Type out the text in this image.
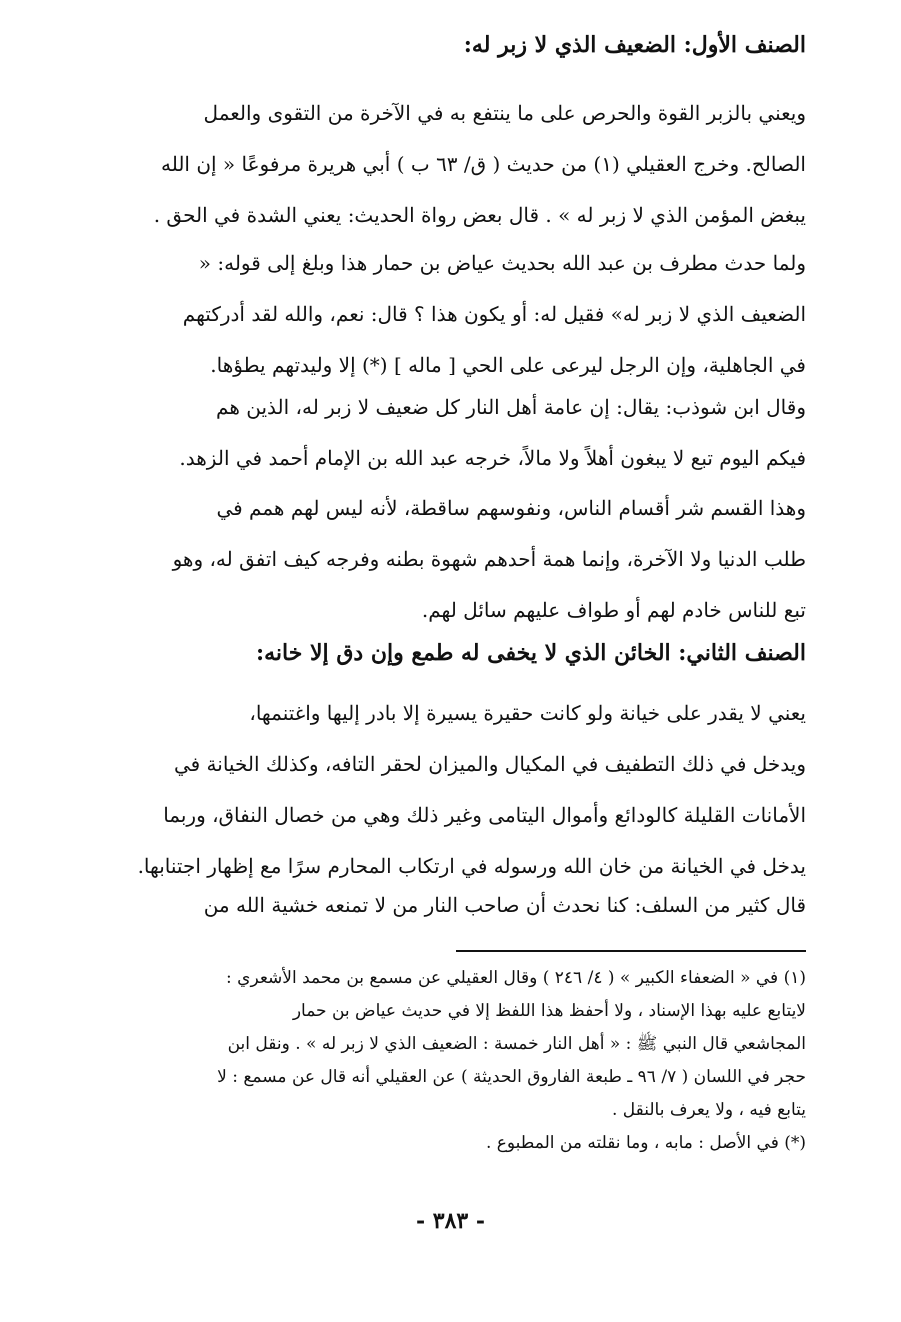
الصنف الأول: الضعيف الذي لا زبر له:
ويعني بالزبر القوة والحرص على ما ينتفع به في الآخرة من التقوى والعمل
الصالح. وخرج العقيلي (١) من حديث ( ق/ ٦٣ ب ) أبي هريرة مرفوعًا « إن الله
يبغض المؤمن الذي لا زبر له » . قال بعض رواة الحديث: يعني الشدة في الحق .
ولما حدث مطرف بن عبد الله بحديث عياض بن حمار هذا وبلغ إلى قوله: «
الضعيف الذي لا زبر له» فقيل له: أو يكون هذا ؟ قال: نعم، والله لقد أدركتهم
في الجاهلية، وإن الرجل ليرعى على الحي [ ماله ] (*) إلا وليدتهم يطؤها.
وقال ابن شوذب: يقال: إن عامة أهل النار كل ضعيف لا زبر له، الذين هم
فيكم اليوم تبع لا يبغون أهلاً ولا مالاً، خرجه عبد الله بن الإمام أحمد في الزهد.
وهذا القسم شر أقسام الناس، ونفوسهم ساقطة، لأنه ليس لهم همم في
طلب الدنيا ولا الآخرة، وإنما همة أحدهم شهوة بطنه وفرجه كيف اتفق له، وهو
تبع للناس خادم لهم أو طواف عليهم سائل لهم.
الصنف الثاني: الخائن الذي لا يخفى له طمع وإن دق إلا خانه:
يعني لا يقدر على خيانة ولو كانت حقيرة يسيرة إلا بادر إليها واغتنمها،
ويدخل في ذلك التطفيف في المكيال والميزان لحقر التافه، وكذلك الخيانة في
الأمانات القليلة كالودائع وأموال اليتامى وغير ذلك وهي من خصال النفاق، وربما
يدخل في الخيانة من خان الله ورسوله في ارتكاب المحارم سرًا مع إظهار اجتنابها.
قال كثير من السلف: كنا نحدث أن صاحب النار من لا تمنعه خشية الله من
(١) في « الضعفاء الكبير » ( ٤/ ٢٤٦ ) وقال العقيلي عن مسمع بن محمد الأشعري :
لايتابع عليه بهذا الإسناد ، ولا أحفظ هذا اللفظ إلا في حديث عياض بن حمار
المجاشعي قال النبي ﷺ : « أهل النار خمسة : الضعيف الذي لا زبر له » . ونقل ابن
حجر في اللسان ( ٧/ ٩٦ ـ طبعة الفاروق الحديثة ) عن العقيلي أنه قال عن مسمع : لا
يتابع فيه ، ولا يعرف بالنقل .
(*) في الأصل : مابه ، وما نقلته من المطبوع .
- ٣٨٣ -
